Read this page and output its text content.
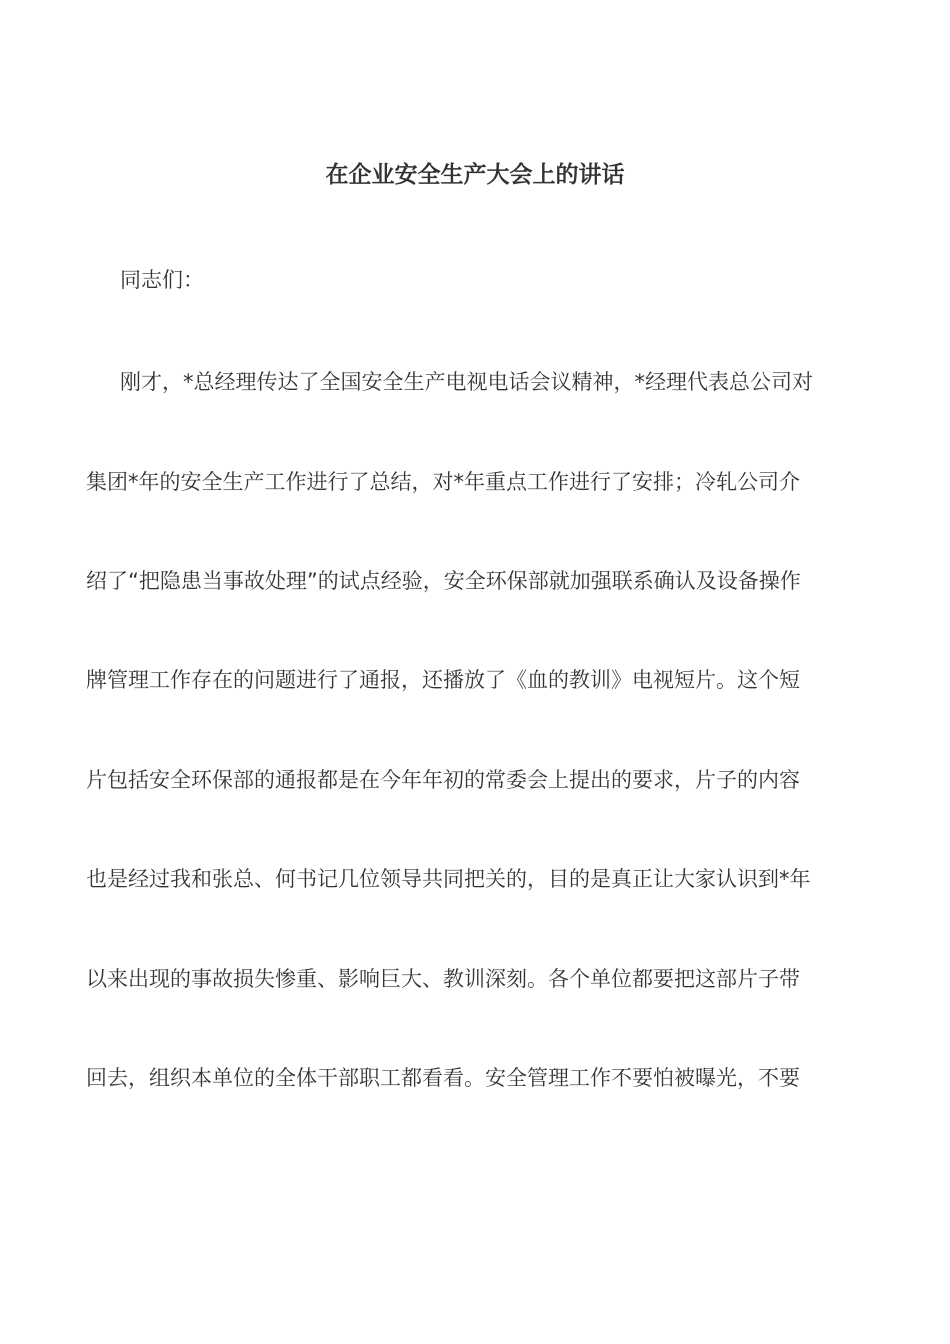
在企业安全生产大会上的讲话
同志们：
刚才，*总经理传达了全国安全生产电视电话会议精神，*经理代表总公司对
集团*年的安全生产工作进行了总结，对*年重点工作进行了安排；冷轧公司介
绍了“把隐患当事故处理”的试点经验，安全环保部就加强联系确认及设备操作
牌管理工作存在的问题进行了通报，还播放了《血的教训》电视短片。这个短
片包括安全环保部的通报都是在今年年初的常委会上提出的要求，片子的内容
也是经过我和张总、何书记几位领导共同把关的，目的是真正让大家认识到*年
以来出现的事故损失惨重、影响巨大、教训深刻。各个单位都要把这部片子带
回去，组织本单位的全体干部职工都看看。安全管理工作不要怕被曝光，不要
